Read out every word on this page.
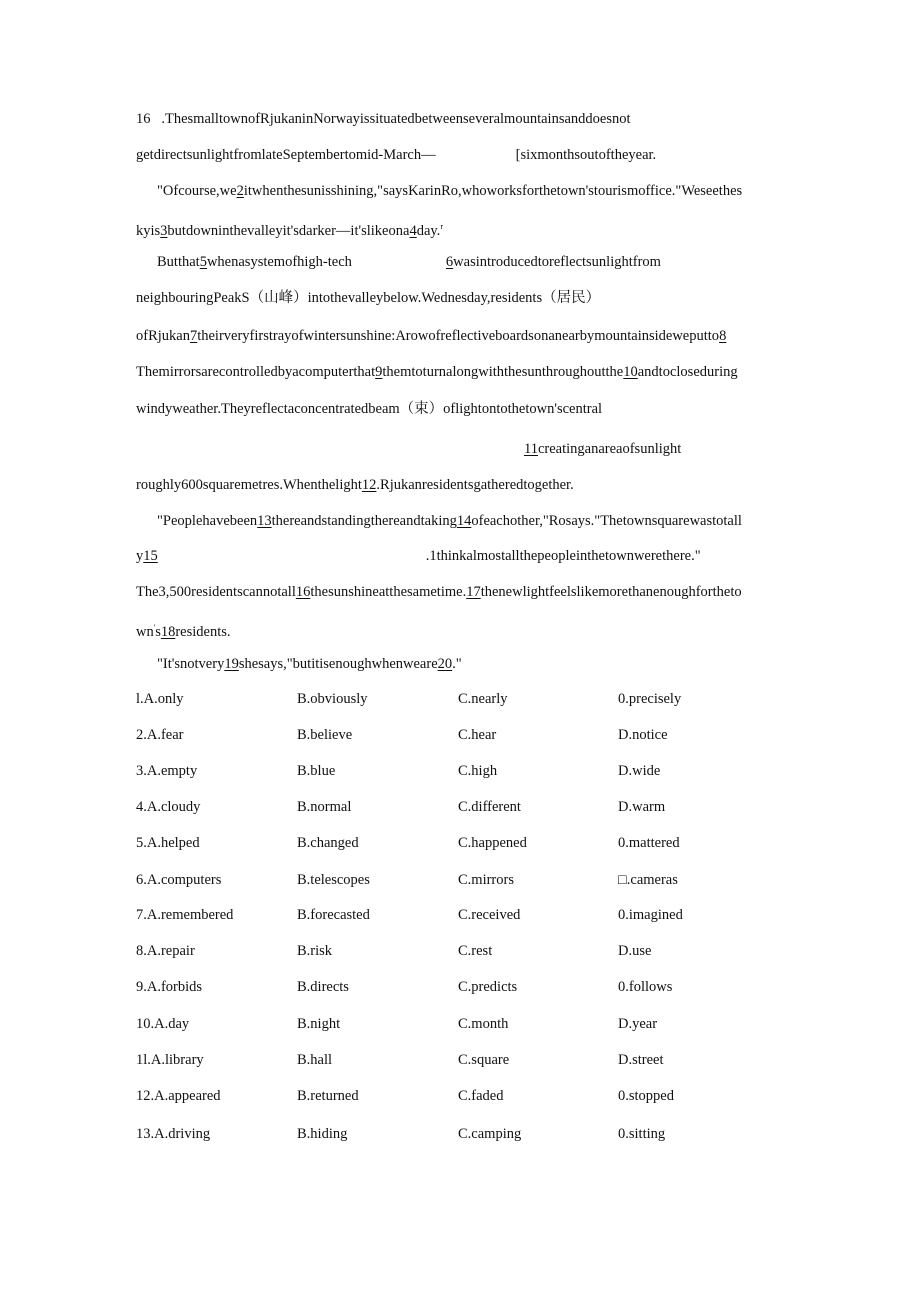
16 .ThesmalltownofRjukaninNorwayissituatedbetweenseveralmountainsanddoesnot
getdirectsunlightfromlateSeptembertomid-March—	[sixmonthsoutoftheyear.
"Ofcourse,we2itwhenthesunisshining,"saysKarinRo,whoworksforthetown'stourismoffice."Weseethes
kyis3butdowninthevalleyit'sdarker—it'slikeona4day.$^r$
Butthat5whenasystemofhigh-tech	6wasintroducedtoreflectsunlightfrom
neighbouringPeakS（山峰）intothevalleybelow.Wednesday,residents（居民）
ofRjukan7theirveryfirstrayofwintersunshine:Arowofreflectiveboardsonanearbymountainsideweputto8
Themirrorsarecontrolledbyacomputerthat9themtoturnalongwiththesunthroughoutthe10andtocloseduring
windyweather.Theyreflectaconcentratedbeam（束）oflightontothetown'scentral
11creatinganareaofsunlight
roughly600squaremetres.Whenthelight12.Rjukanresidentsgatheredtogether.
"Peoplehavebeen13thereandstandingthereandtaking14ofeachother,"Rosays."Thetownsquarewastotall
y15	.1thinkalmostallthepeopleinthetownwerethere."
The3,500residentscannotall16thesunshineatthesametime.17thenewlightfeelslikemorethanenoughfortheto
wn's18residents.
"It'snotvery19shesays,"butitisenoughwhenweare20."
l.A.only	B.obviously	C.nearly	0.precisely
2.A.fear	B.believe	C.hear	D.notice
3.A.empty	B.blue	C.high	D.wide
4.A.cloudy	B.normal	C.different	D.warm
5.A.helped	B.changed	C.happened	0.mattered
6.A.computers	B.telescopes	C.mirrors	□.cameras
7.A.remembered	B.forecasted	C.received	0.imagined
8.A.repair	B.risk	C.rest	D.use
9.A.forbids	B.directs	C.predicts	0.follows
10.A.day	B.night	C.month	D.year
1l.A.library	B.hall	C.square	D.street
12.A.appeared	B.returned	C.faded	0.stopped
13.A.driving	B.hiding	C.camping	0.sitting
